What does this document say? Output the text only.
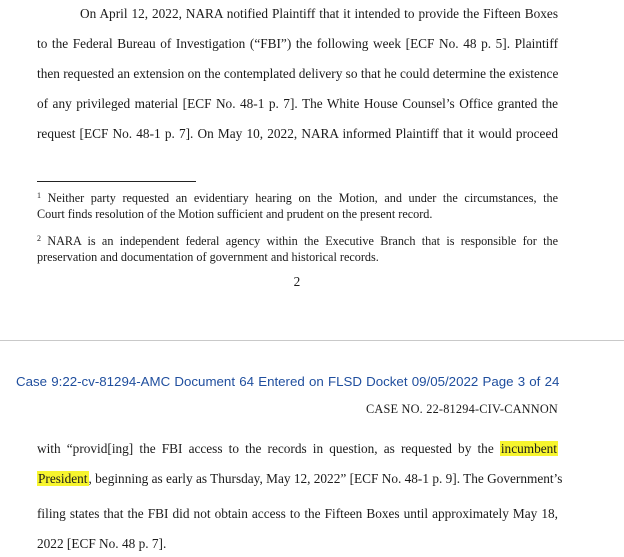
On April 12, 2022, NARA notified Plaintiff that it intended to provide the Fifteen Boxes
to the Federal Bureau of Investigation (“FBI”) the following week [ECF No. 48 p. 5]. Plaintiff
then requested an extension on the contemplated delivery so that he could determine the existence
of any privileged material [ECF No. 48-1 p. 7]. The White House Counsel’s Office granted the
request [ECF No. 48-1 p. 7]. On May 10, 2022, NARA informed Plaintiff that it would proceed
$^1$ Neither party requested an evidentiary hearing on the Motion, and under the circumstances, the
Court finds resolution of the Motion sufficient and prudent on the present record.
$^2$ NARA is an independent federal agency within the Executive Branch that is responsible for the
preservation and documentation of government and historical records.
2
Case 9:22-cv-81294-AMC Document 64 Entered on FLSD Docket 09/05/2022 Page 3 of 24
CASE NO. 22-81294-CIV-CANNON
with “provid[ing] the FBI access to the records in question, as requested by the incumbent
President, beginning as early as Thursday, May 12, 2022” [ECF No. 48-1 p. 9]. The Government’s
filing states that the FBI did not obtain access to the Fifteen Boxes until approximately May 18,
2022 [ECF No. 48 p. 7].
